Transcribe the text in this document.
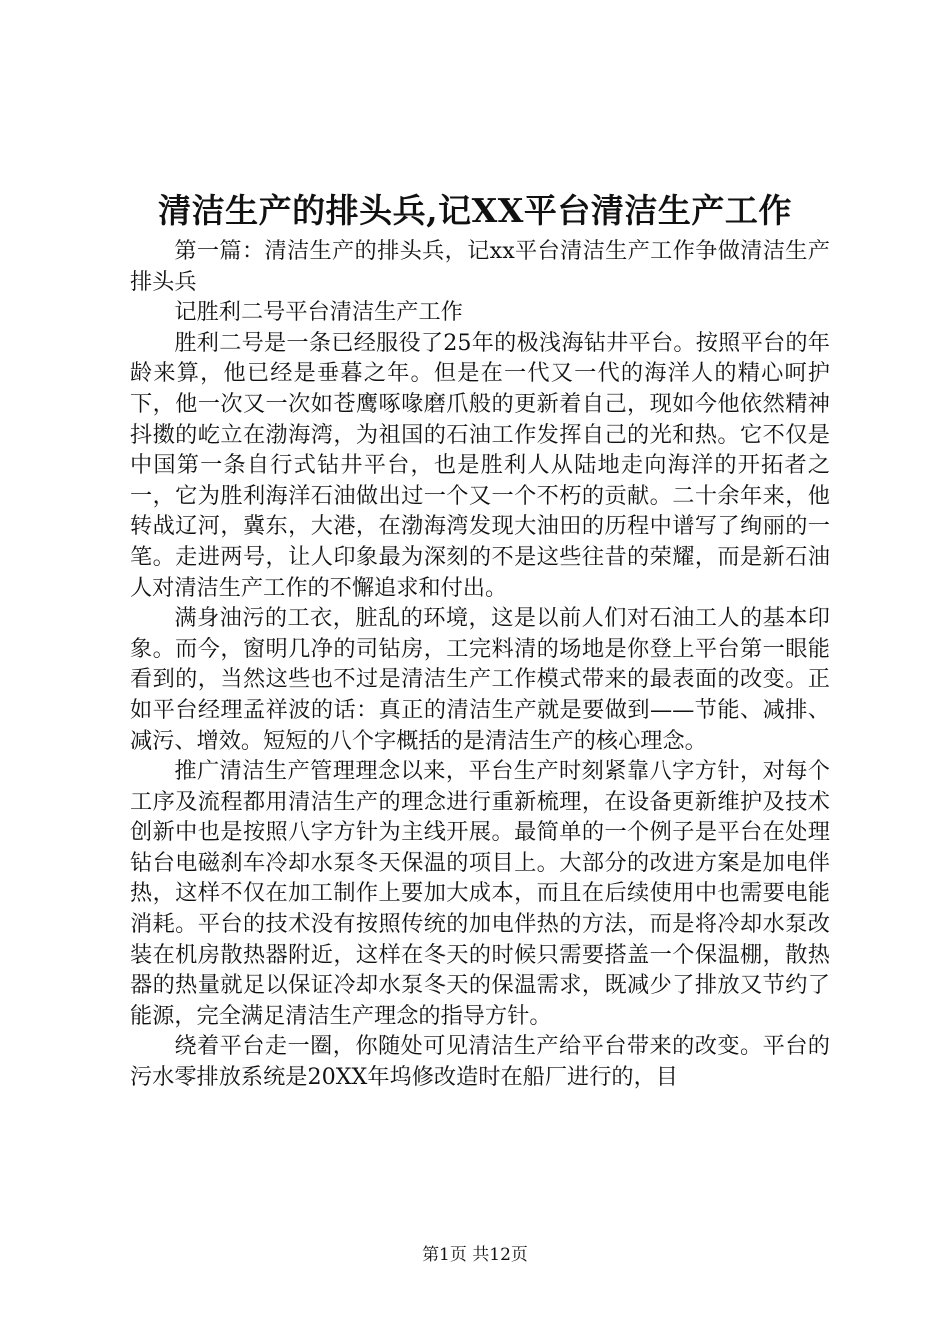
清洁生产的排头兵,记XX平台清洁生产工作

第一篇：清洁生产的排头兵，记xx平台清洁生产工作争做清洁生产排头兵

记胜利二号平台清洁生产工作

胜利二号是一条已经服役了25年的极浅海钻井平台。按照平台的年龄来算，他已经是垂暮之年。但是在一代又一代的海洋人的精心呵护下，他一次又一次如苍鹰啄喙磨爪般的更新着自己，现如今他依然精神抖擞的屹立在渤海湾，为祖国的石油工作发挥自己的光和热。它不仅是中国第一条自行式钻井平台，也是胜利人从陆地走向海洋的开拓者之一，它为胜利海洋石油做出过一个又一个不朽的贡献。二十余年来，他转战辽河，冀东，大港，在渤海湾发现大油田的历程中谱写了绚丽的一笔。走进两号，让人印象最为深刻的不是这些往昔的荣耀，而是新石油人对清洁生产工作的不懈追求和付出。

满身油污的工衣，脏乱的环境，这是以前人们对石油工人的基本印象。而今，窗明几净的司钻房，工完料清的场地是你登上平台第一眼能看到的，当然这些也不过是清洁生产工作模式带来的最表面的改变。正如平台经理孟祥波的话：真正的清洁生产就是要做到——节能、减排、减污、增效。短短的八个字概括的是清洁生产的核心理念。

推广清洁生产管理理念以来，平台生产时刻紧靠八字方针，对每个工序及流程都用清洁生产的理念进行重新梳理，在设备更新维护及技术创新中也是按照八字方针为主线开展。最简单的一个例子是平台在处理钻台电磁刹车冷却水泵冬天保温的项目上。大部分的改进方案是加电伴热，这样不仅在加工制作上要加大成本，而且在后续使用中也需要电能消耗。平台的技术没有按照传统的加电伴热的方法，而是将冷却水泵改装在机房散热器附近，这样在冬天的时候只需要搭盖一个保温棚，散热器的热量就足以保证冷却水泵冬天的保温需求，既减少了排放又节约了能源，完全满足清洁生产理念的指导方针。

绕着平台走一圈，你随处可见清洁生产给平台带来的改变。平台的污水零排放系统是20XX年坞修改造时在船厂进行的，目

第1页 共12页
